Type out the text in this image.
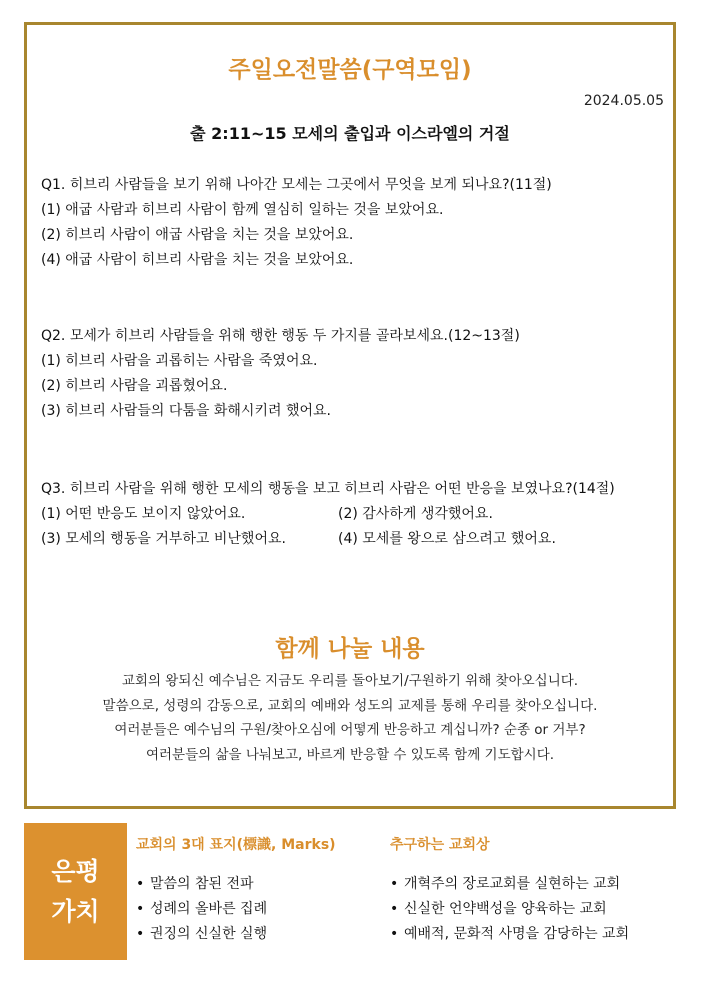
주일오전말씀(구역모임)
2024.05.05
출 2:11~15 모세의 출입과 이스라엘의 거절
Q1. 히브리 사람들을 보기 위해 나아간 모세는 그곳에서 무엇을 보게 되나요?(11절)
(1) 애굽 사람과 히브리 사람이 함께 열심히 일하는 것을 보았어요.
(2) 히브리 사람이 애굽 사람을 치는 것을 보았어요.
(4) 애굽 사람이 히브리 사람을 치는 것을 보았어요.
Q2. 모세가 히브리 사람들을 위해 행한 행동 두 가지를 골라보세요.(12~13절)
(1) 히브리 사람을 괴롭히는 사람을 죽였어요.
(2) 히브리 사람을 괴롭혔어요.
(3) 히브리 사람들의 다툼을 화해시키려 했어요.
Q3. 히브리 사람을 위해 행한 모세의 행동을 보고 히브리 사람은 어떤 반응을 보였나요?(14절)
(1) 어떤 반응도 보이지 않았어요.	(2) 감사하게 생각했어요.
(3) 모세의 행동을 거부하고 비난했어요.	(4) 모세를 왕으로 삼으려고 했어요.
함께 나눌 내용
교회의 왕되신 예수님은 지금도 우리를 돌아보기/구원하기 위해 찾아오십니다.
말씀으로, 성령의 감동으로, 교회의 예배와 성도의 교제를 통해 우리를 찾아오십니다.
여러분들은 예수님의 구원/찾아오심에 어떻게 반응하고 계십니까? 순종 or 거부?
여러분들의 삶을 나눠보고, 바르게 반응할 수 있도록 함께 기도합시다.
은평
가치
교회의 3대 표지(標識, Marks)
• 말씀의 참된 전파
• 성례의 올바른 집례
• 권징의 신실한 실행
추구하는 교회상
• 개혁주의 장로교회를 실현하는 교회
• 신실한 언약백성을 양육하는 교회
• 예배적, 문화적 사명을 감당하는 교회
